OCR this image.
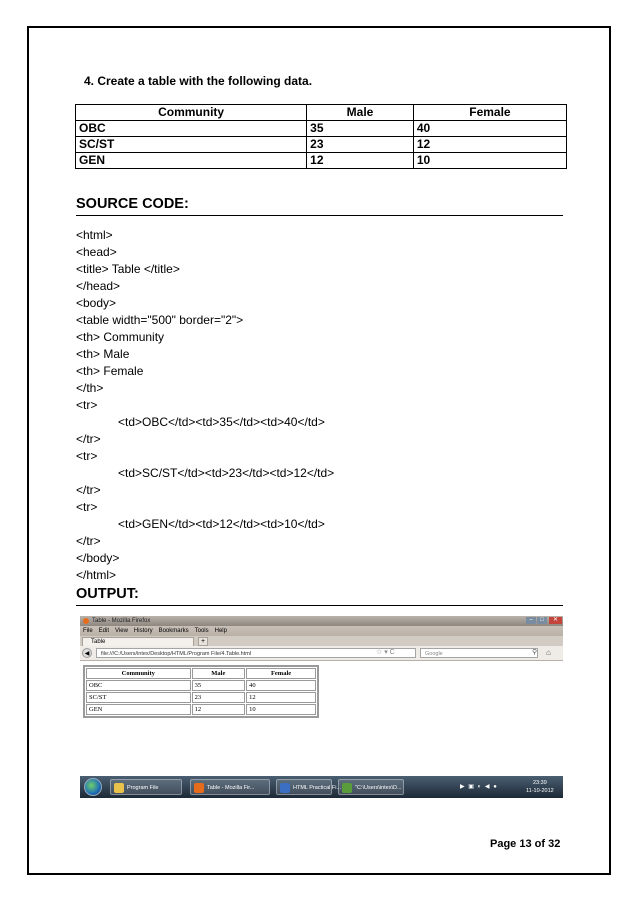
4. Create a table with the following data.
Community	Male	Female
OBC	35	40
SC/ST	23	12
GEN	12	10
SOURCE CODE:
<html>
<head>
<title> Table </title>
</head>
<body>
<table width="500" border="2">
<th> Community
<th> Male
<th> Female
</th>
<tr>
<td>OBC</td><td>35</td><td>40</td>
</tr>
<tr>
<td>SC/ST</td><td>23</td><td>12</td>
</tr>
<tr>
<td>GEN</td><td>12</td><td>10</td>
</tr>
</body>
</html>
OUTPUT:
Table - Mozilla Firefox	–	□	✕
File Edit View History Bookmarks Tools Help
Table	+
◀	file:///C:/Users/intex/Desktop/HTML/Program File/4.Table.html	☆ ▾ C	Google	⚲ ⌂
Community	Male	Female
OBC	35	40
SC/ST	23	12
GEN	12	10
Program File	Table - Mozilla Fir...	HTML Practical Fi...	"C:\Users\intex\D...	▶ ▣ ◐ ◀ ●
23:39
11-10-2012
Page 13 of 32
